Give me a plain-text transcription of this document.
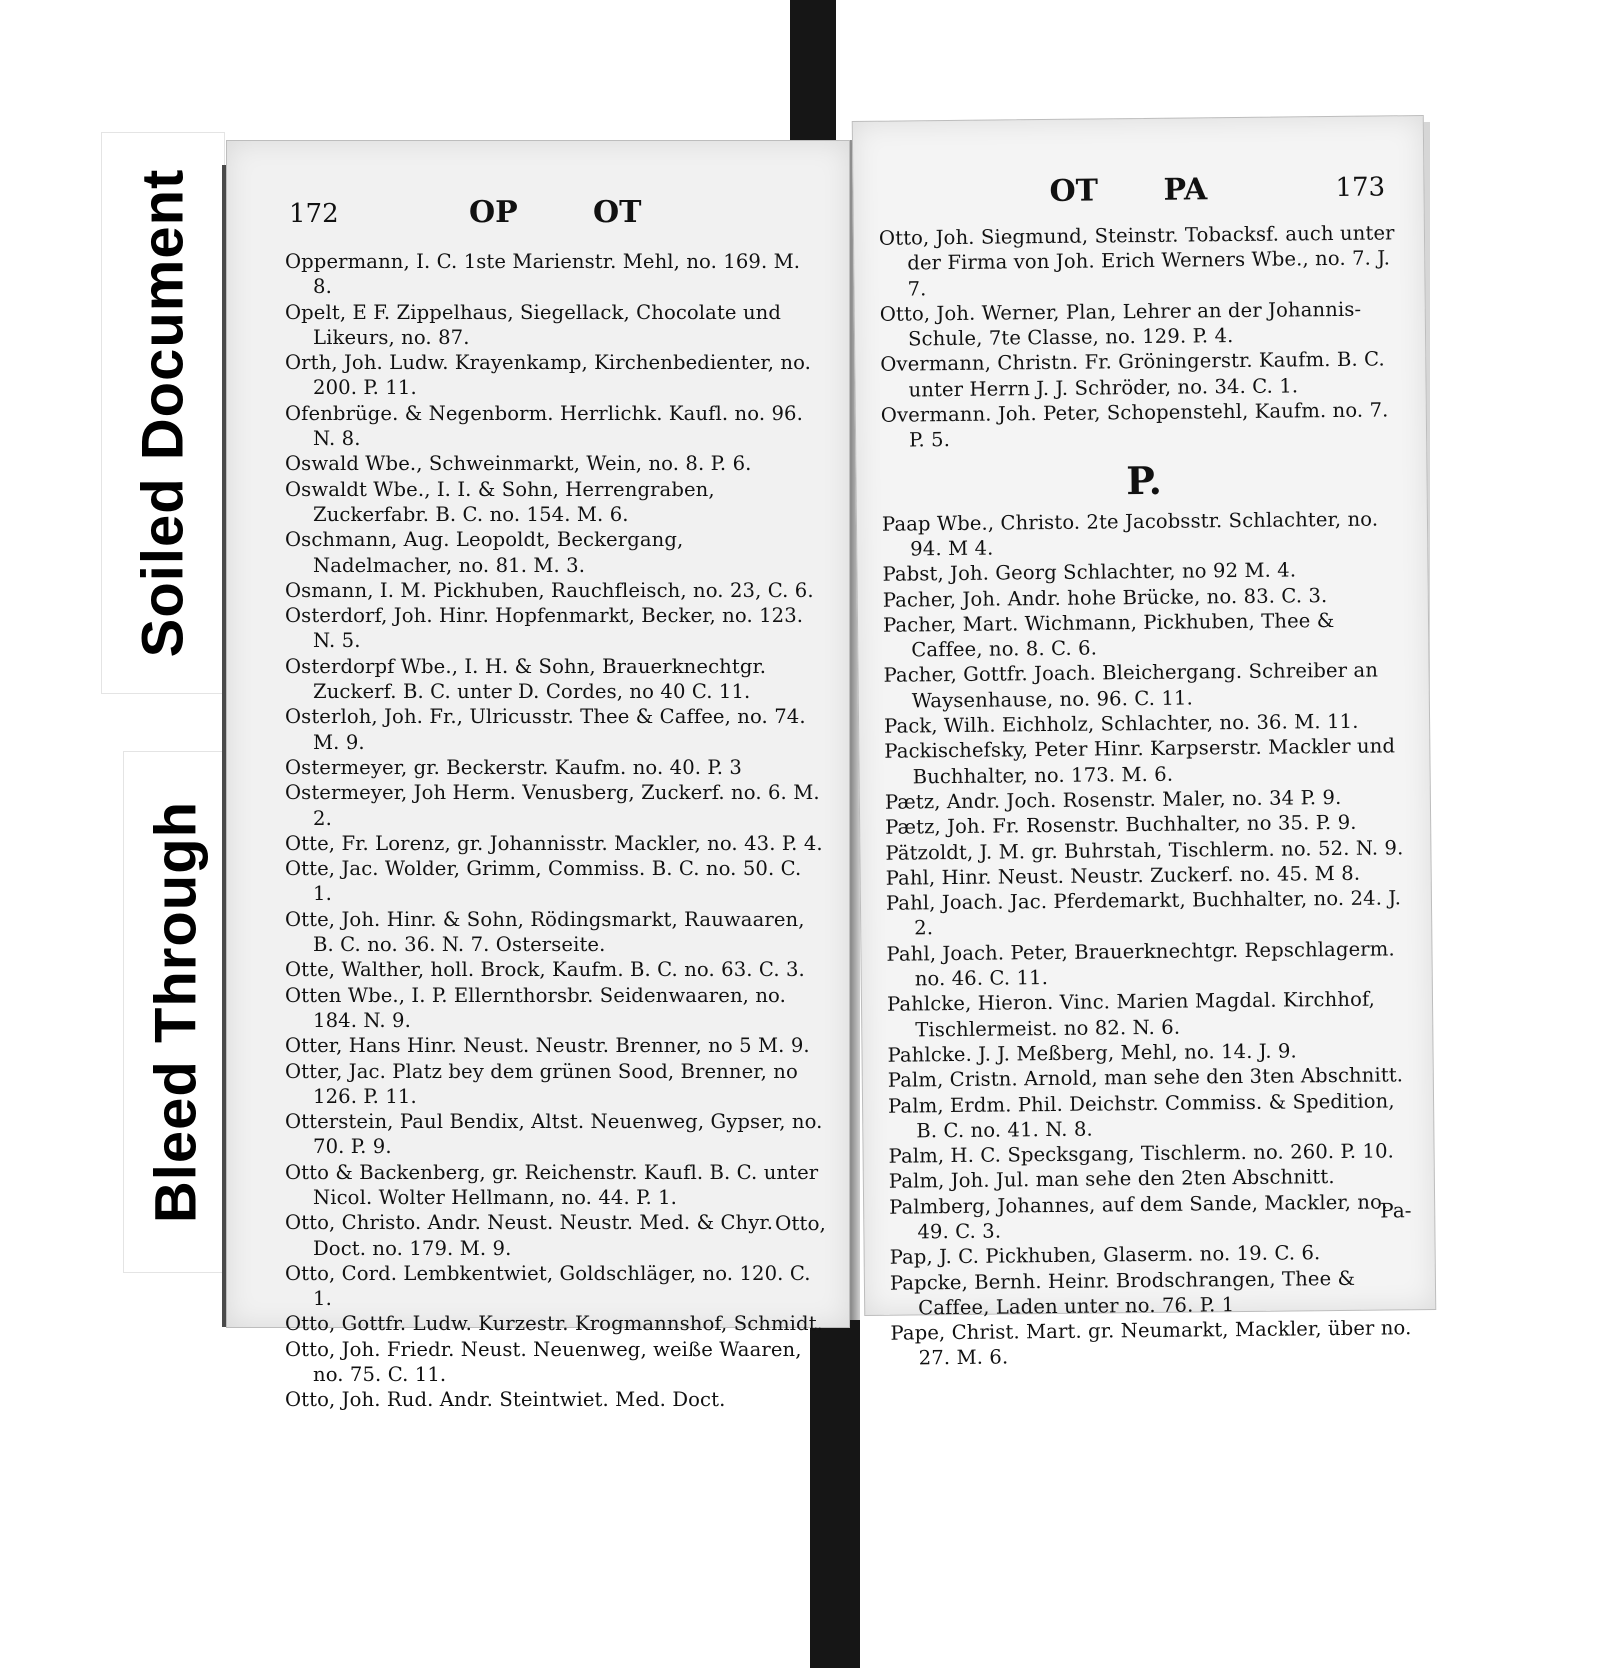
Soiled Document
Bleed Through
172	OP	OT
Oppermann, I. C. 1ste Marienstr. Mehl, no. 169. M. 8.
Opelt, E F. Zippelhaus, Siegellack, Chocolate und Likeurs, no. 87.
Orth, Joh. Ludw. Krayenkamp, Kirchenbedienter, no. 200. P. 11.
Ofenbrüge. & Negenborm. Herrlichk. Kaufl. no. 96. N. 8.
Oswald Wbe., Schweinmarkt, Wein, no. 8. P. 6.
Oswaldt Wbe., I. I. & Sohn, Herrengraben, Zuckerfabr. B. C. no. 154. M. 6.
Oschmann, Aug. Leopoldt, Beckergang, Nadelmacher, no. 81. M. 3.
Osmann, I. M. Pickhuben, Rauchfleisch, no. 23, C. 6.
Osterdorf, Joh. Hinr. Hopfenmarkt, Becker, no. 123. N. 5.
Osterdorpf Wbe., I. H. & Sohn, Brauerknechtgr. Zuckerf. B. C. unter D. Cordes, no 40 C. 11.
Osterloh, Joh. Fr., Ulricusstr. Thee & Caffee, no. 74. M. 9.
Ostermeyer, gr. Beckerstr. Kaufm. no. 40. P. 3
Ostermeyer, Joh Herm. Venusberg, Zuckerf. no. 6. M. 2.
Otte, Fr. Lorenz, gr. Johannisstr. Mackler, no. 43. P. 4.
Otte, Jac. Wolder, Grimm, Commiss. B. C. no. 50. C. 1.
Otte, Joh. Hinr. & Sohn, Rödingsmarkt, Rauwaaren, B. C. no. 36. N. 7. Osterseite.
Otte, Walther, holl. Brock, Kaufm. B. C. no. 63. C. 3.
Otten Wbe., I. P. Ellernthorsbr. Seidenwaaren, no. 184. N. 9.
Otter, Hans Hinr. Neust. Neustr. Brenner, no 5 M. 9.
Otter, Jac. Platz bey dem grünen Sood, Brenner, no 126. P. 11.
Otterstein, Paul Bendix, Altst. Neuenweg, Gypser, no. 70. P. 9.
Otto & Backenberg, gr. Reichenstr. Kaufl. B. C. unter Nicol. Wolter Hellmann, no. 44. P. 1.
Otto, Christo. Andr. Neust. Neustr. Med. & Chyr. Doct. no. 179. M. 9.
Otto, Cord. Lembkentwiet, Goldschläger, no. 120. C. 1.
Otto, Gottfr. Ludw. Kurzestr. Krogmannshof, Schmidt.
Otto, Joh. Friedr. Neust. Neuenweg, weiße Waaren, no. 75. C. 11.
Otto, Joh. Rud. Andr. Steintwiet. Med. Doct.
Otto,
OT PA	173
Otto, Joh. Siegmund, Steinstr. Tobacksf. auch unter der Firma von Joh. Erich Werners Wbe., no. 7. J. 7.
Otto, Joh. Werner, Plan, Lehrer an der Johannis-Schule, 7te Classe, no. 129. P. 4.
Overmann, Christn. Fr. Gröningerstr. Kaufm. B. C. unter Herrn J. J. Schröder, no. 34. C. 1.
Overmann. Joh. Peter, Schopenstehl, Kaufm. no. 7. P. 5.
P.
Paap Wbe., Christo. 2te Jacobsstr. Schlachter, no. 94. M 4.
Pabst, Joh. Georg Schlachter, no 92 M. 4.
Pacher, Joh. Andr. hohe Brücke, no. 83. C. 3.
Pacher, Mart. Wichmann, Pickhuben, Thee & Caffee, no. 8. C. 6.
Pacher, Gottfr. Joach. Bleichergang. Schreiber an Waysenhause, no. 96. C. 11.
Pack, Wilh. Eichholz, Schlachter, no. 36. M. 11.
Packischefsky, Peter Hinr. Karpserstr. Mackler und Buchhalter, no. 173. M. 6.
Pætz, Andr. Joch. Rosenstr. Maler, no. 34 P. 9.
Pætz, Joh. Fr. Rosenstr. Buchhalter, no 35. P. 9.
Pätzoldt, J. M. gr. Buhrstah, Tischlerm. no. 52. N. 9.
Pahl, Hinr. Neust. Neustr. Zuckerf. no. 45. M 8.
Pahl, Joach. Jac. Pferdemarkt, Buchhalter, no. 24. J. 2.
Pahl, Joach. Peter, Brauerknechtgr. Repschlagerm. no. 46. C. 11.
Pahlcke, Hieron. Vinc. Marien Magdal. Kirchhof, Tischlermeist. no 82. N. 6.
Pahlcke. J. J. Meßberg, Mehl, no. 14. J. 9.
Palm, Cristn. Arnold, man sehe den 3ten Abschnitt.
Palm, Erdm. Phil. Deichstr. Commiss. & Spedition, B. C. no. 41. N. 8.
Palm, H. C. Specksgang, Tischlerm. no. 260. P. 10.
Palm, Joh. Jul. man sehe den 2ten Abschnitt.
Palmberg, Johannes, auf dem Sande, Mackler, no. 49. C. 3.
Pap, J. C. Pickhuben, Glaserm. no. 19. C. 6.
Papcke, Bernh. Heinr. Brodschrangen, Thee & Caffee, Laden unter no. 76. P. 1
Pape, Christ. Mart. gr. Neumarkt, Mackler, über no. 27. M. 6.
Pa-
